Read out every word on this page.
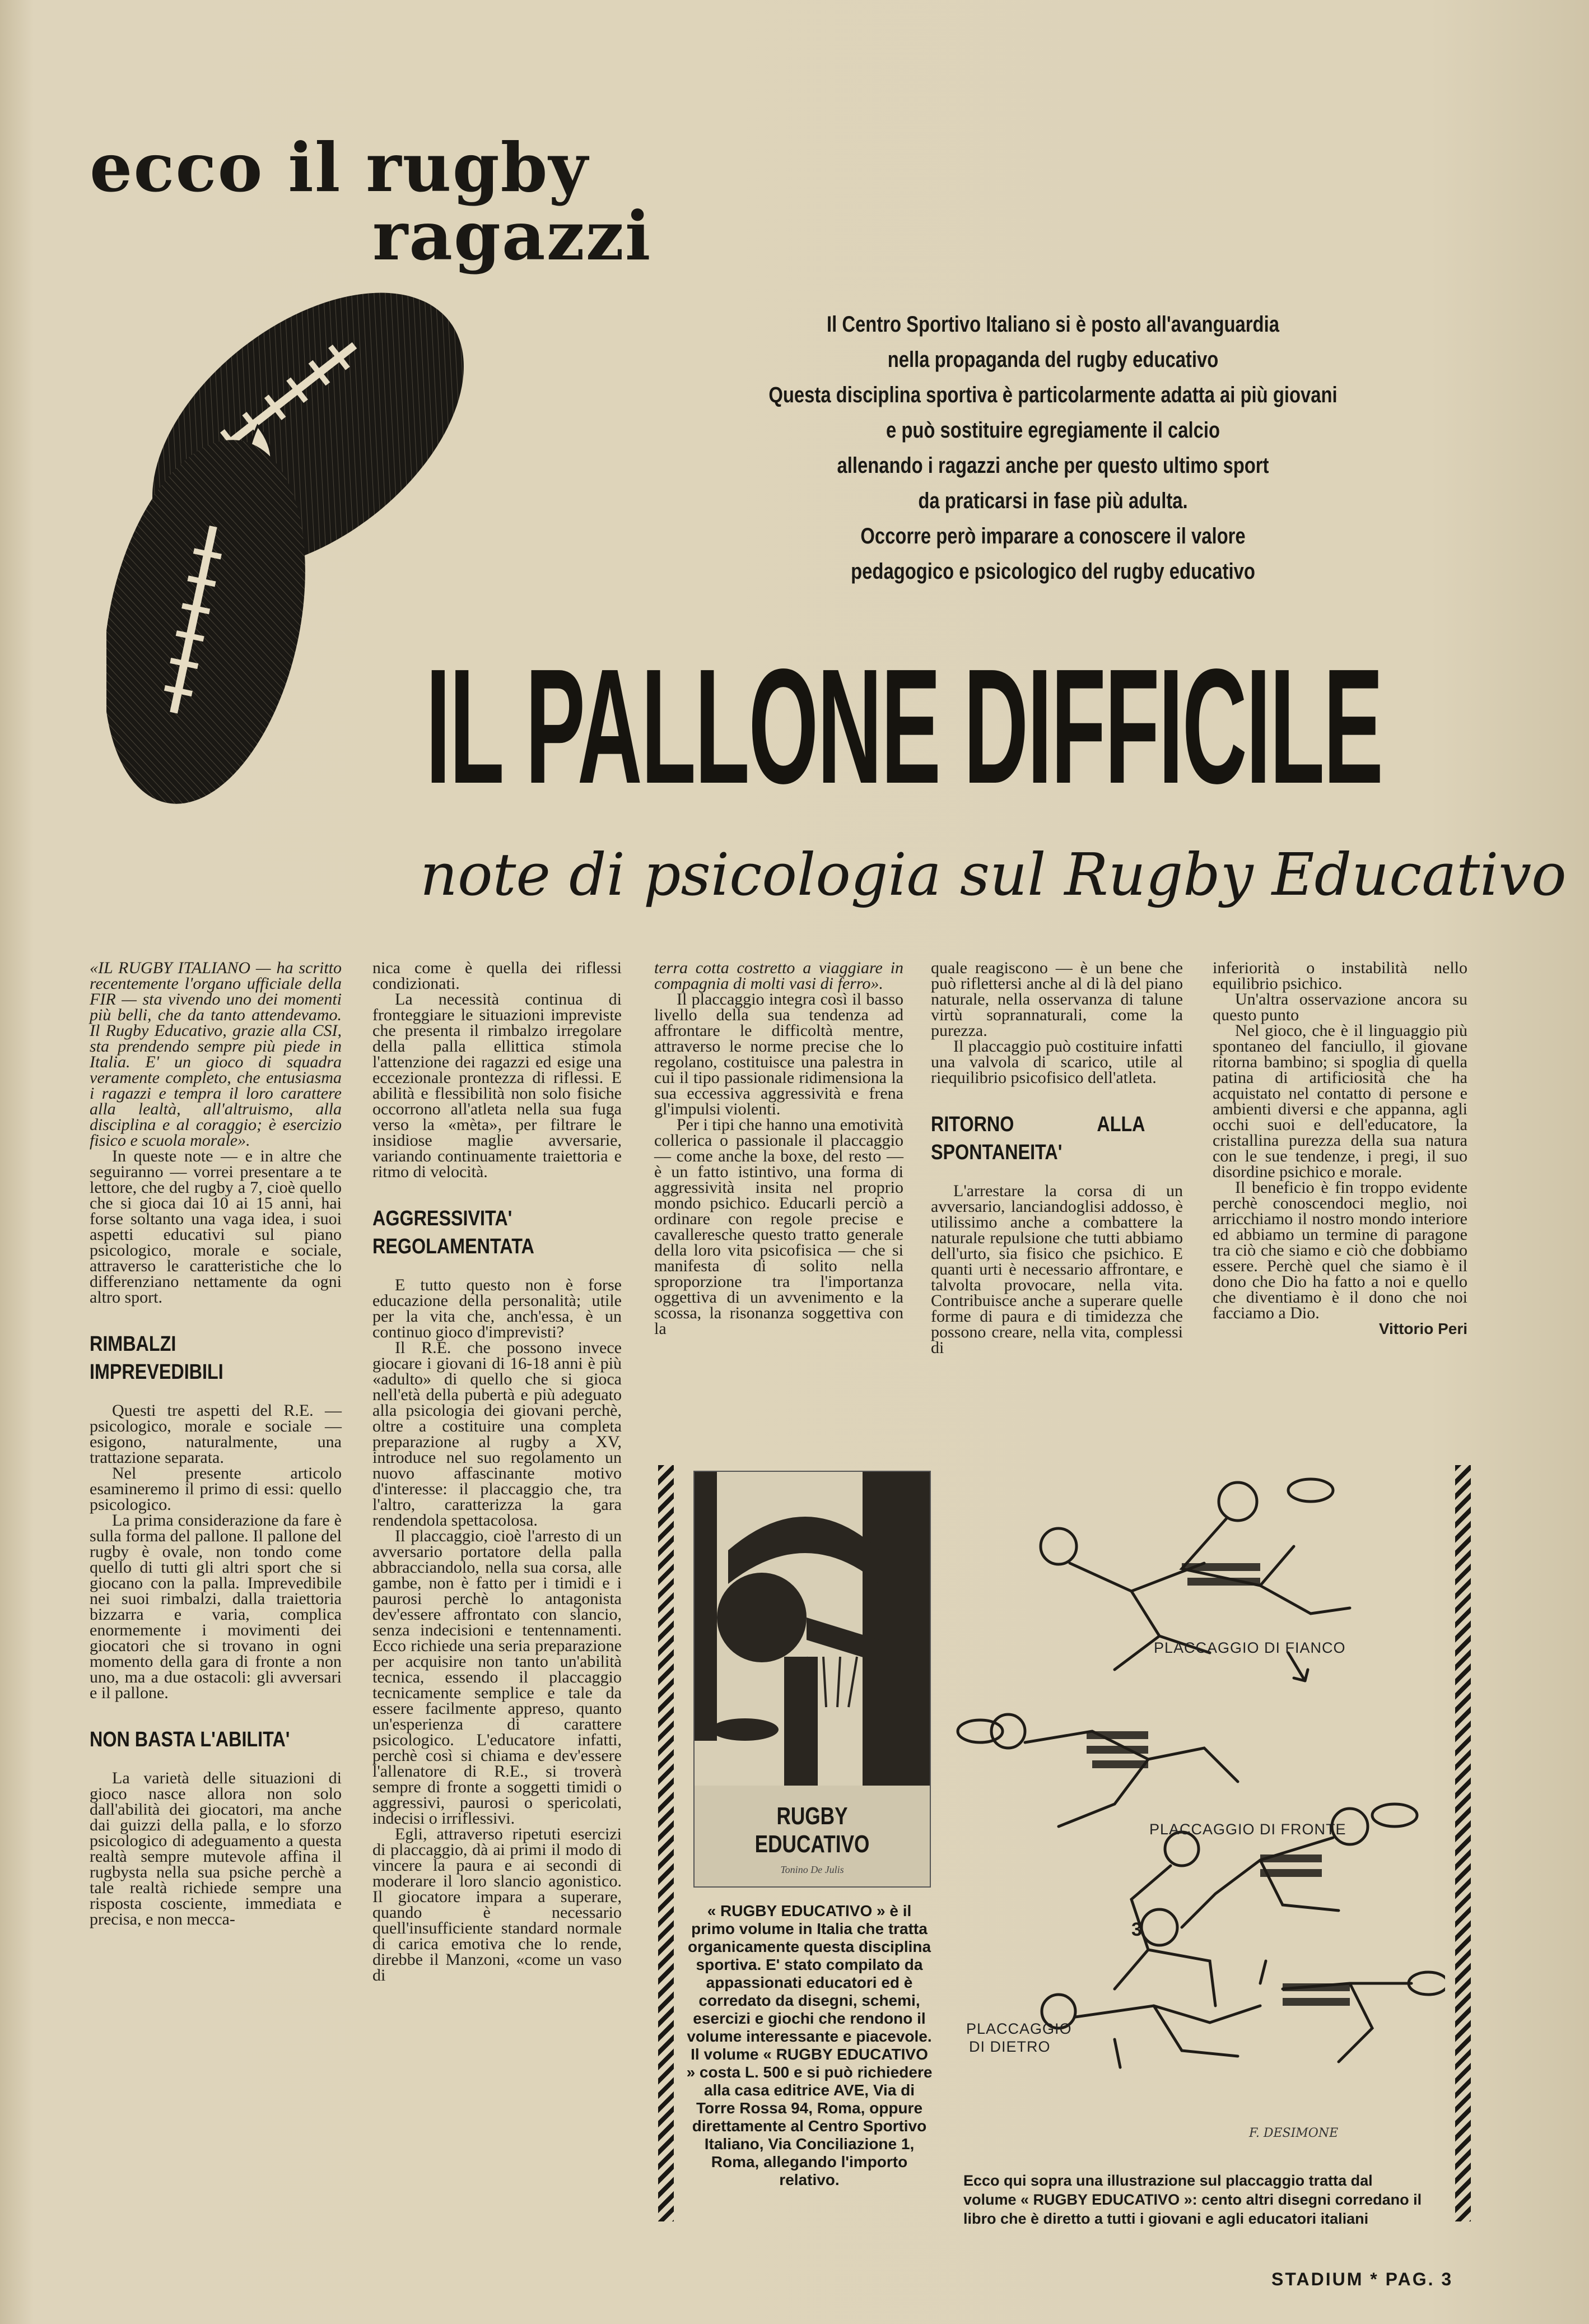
ecco il rugby
ragazzi
Il Centro Sportivo Italiano si è posto all'avanguardia
nella propaganda del rugby educativo
Questa disciplina sportiva è particolarmente adatta ai più giovani
e può sostituire egregiamente il calcio
allenando i ragazzi anche per questo ultimo sport
da praticarsi in fase più adulta.
Occorre però imparare a conoscere il valore
pedagogico e psicologico del rugby educativo
IL PALLONE DIFFICILE
note di psicologia sul Rugby Educativo

«IL RUGBY ITALIANO — ha scritto recentemente l'organo ufficiale della FIR — sta vivendo uno dei momenti più belli, che da tanto attendevamo. Il Rugby Educativo, grazie alla CSI, sta prendendo sempre più piede in Italia. E' un gioco di squadra veramente completo, che entusiasma i ragazzi e tempra il loro carattere alla lealtà, all'altruismo, alla disciplina e al coraggio; è esercizio fisico e scuola morale».

In queste note — e in altre che seguiranno — vorrei presentare a te lettore, che del rugby a 7, cioè quello che si gioca dai 10 ai 15 anni, hai forse soltanto una vaga idea, i suoi aspetti educativi sul piano psicologico, morale e sociale, attraverso le caratteristiche che lo differenziano nettamente da ogni altro sport.

RIMBALZI IMPREVEDIBILI

Questi tre aspetti del R.E. — psicologico, morale e sociale — esigono, naturalmente, una trattazione separata.

Nel presente articolo esamineremo il primo di essi: quello psicologico.

La prima considerazione da fare è sulla forma del pallone. Il pallone del rugby è ovale, non tondo come quello di tutti gli altri sport che si giocano con la palla. Imprevedibile nei suoi rimbalzi, dalla traiettoria bizzarra e varia, complica enormemente i movimenti dei giocatori che si trovano in ogni momento della gara di fronte a non uno, ma a due ostacoli: gli avversari e il pallone.

NON BASTA L'ABILITA'

La varietà delle situazioni di gioco nasce allora non solo dall'abilità dei giocatori, ma anche dai guizzi della palla, e lo sforzo psicologico di adeguamento a questa realtà sempre mutevole affina il rugbysta nella sua psiche perchè a tale realtà richiede sempre una risposta cosciente, immediata e precisa, e non mecca-

nica come è quella dei riflessi condizionati.

La necessità continua di fronteggiare le situazioni impreviste che presenta il rimbalzo irregolare della palla ellittica stimola l'attenzione dei ragazzi ed esige una eccezionale prontezza di riflessi. E abilità e flessibilità non solo fisiche occorrono all'atleta nella sua fuga verso la «mèta», per filtrare le insidiose maglie avversarie, variando continuamente traiettoria e ritmo di velocità.

AGGRESSIVITA' REGOLAMENTATA

E tutto questo non è forse educazione della personalità; utile per la vita che, anch'essa, è un continuo gioco d'imprevisti?

Il R.E. che possono invece giocare i giovani di 16-18 anni è più «adulto» di quello che si gioca nell'età della pubertà e più adeguato alla psicologia dei giovani perchè, oltre a costituire una completa preparazione al rugby a XV, introduce nel suo regolamento un nuovo affascinante motivo d'interesse: il placcaggio che, tra l'altro, caratterizza la gara rendendola spettacolosa.

Il placcaggio, cioè l'arresto di un avversario portatore della palla abbracciandolo, nella sua corsa, alle gambe, non è fatto per i timidi e i paurosi perchè lo antagonista dev'essere affrontato con slancio, senza indecisioni e tentennamenti. Ecco richiede una seria preparazione per acquisire non tanto un'abilità tecnica, essendo il placcaggio tecnicamente semplice e tale da essere facilmente appreso, quanto un'esperienza di carattere psicologico. L'educatore infatti, perchè così si chiama e dev'essere l'allenatore di R.E., si troverà sempre di fronte a soggetti timidi o aggressivi, paurosi o spericolati, indecisi o irriflessivi.

Egli, attraverso ripetuti esercizi di placcaggio, dà ai primi il modo di vincere la paura e ai secondi di moderare il loro slancio agonistico. Il giocatore impara a superare, quando è necessario quell'insufficiente standard normale di carica emotiva che lo rende, direbbe il Manzoni, «come un vaso di

terra cotta costretto a viaggiare in compagnia di molti vasi di ferro».

Il placcaggio integra così il basso livello della sua tendenza ad affrontare le difficoltà mentre, attraverso le norme precise che lo regolano, costituisce una palestra in cui il tipo passionale ridimensiona la sua eccessiva aggressività e frena gl'impulsi violenti.

Per i tipi che hanno una emotività collerica o passionale il placcaggio — come anche la boxe, del resto — è un fatto istintivo, una forma di aggressività insita nel proprio mondo psichico. Educarli perciò a ordinare con regole precise e cavalleresche questo tratto generale della loro vita psicofisica — che si manifesta di solito nella sproporzione tra l'importanza oggettiva di un avvenimento e la scossa, la risonanza soggettiva con la

quale reagiscono — è un bene che può riflettersi anche al di là del piano naturale, nella osservanza di talune virtù soprannaturali, come la purezza.

Il placcaggio può costituire infatti una valvola di scarico, utile al riequilibrio psicofisico dell'atleta.

RITORNO ALLA SPONTANEITA'

L'arrestare la corsa di un avversario, lanciandoglisi addosso, è utilissimo anche a combattere la naturale repulsione che tutti abbiamo dell'urto, sia fisico che psichico. E quanti urti è necessario affrontare, e talvolta provocare, nella vita. Contribuisce anche a superare quelle forme di paura e di timidezza che possono creare, nella vita, complessi di

inferiorità o instabilità nello equilibrio psichico.

Un'altra osservazione ancora su questo punto

Nel gioco, che è il linguaggio più spontaneo del fanciullo, il giovane ritorna bambino; si spoglia di quella patina di artificiosità che ha acquistato nel contatto di persone e ambienti diversi e che appanna, agli occhi suoi e dell'educatore, la cristallina purezza della sua natura con le sue tendenze, i pregi, il suo disordine psichico e morale.

Il beneficio è fin troppo evidente perchè conoscendoci meglio, noi arricchiamo il nostro mondo interiore ed abbiamo un termine di paragone tra ciò che siamo e ciò che dobbiamo essere. Perchè quel che siamo è il dono che Dio ha fatto a noi e quello che diventiamo è il dono che noi facciamo a Dio.

Vittorio Peri
RUGBY EDUCATIVO
Tonino De Julis
« RUGBY EDUCATIVO » è il primo volume in Italia che tratta organicamente questa disciplina sportiva. E' stato compilato da appassionati educatori ed è corredato da disegni, schemi, esercizi e giochi che rendono il volume interessante e piacevole. Il volume « RUGBY EDUCATIVO » costa L. 500 e si può richiedere alla casa editrice AVE, Via di Torre Rossa 94, Roma, oppure direttamente al Centro Sportivo Italiano, Via Conciliazione 1, Roma, allegando l'importo relativo.
3
PLACCAGGIO DI FIANCO
PLACCAGGIO DI FRONTE
PLACCAGGIO
DI DIETRO
F. DESIMONE
Ecco qui sopra una illustrazione sul placcaggio tratta dal volume « RUGBY EDUCATIVO »: cento altri disegni corredano il libro che è diretto a tutti i giovani e agli educatori italiani
STADIUM * PAG. 3
